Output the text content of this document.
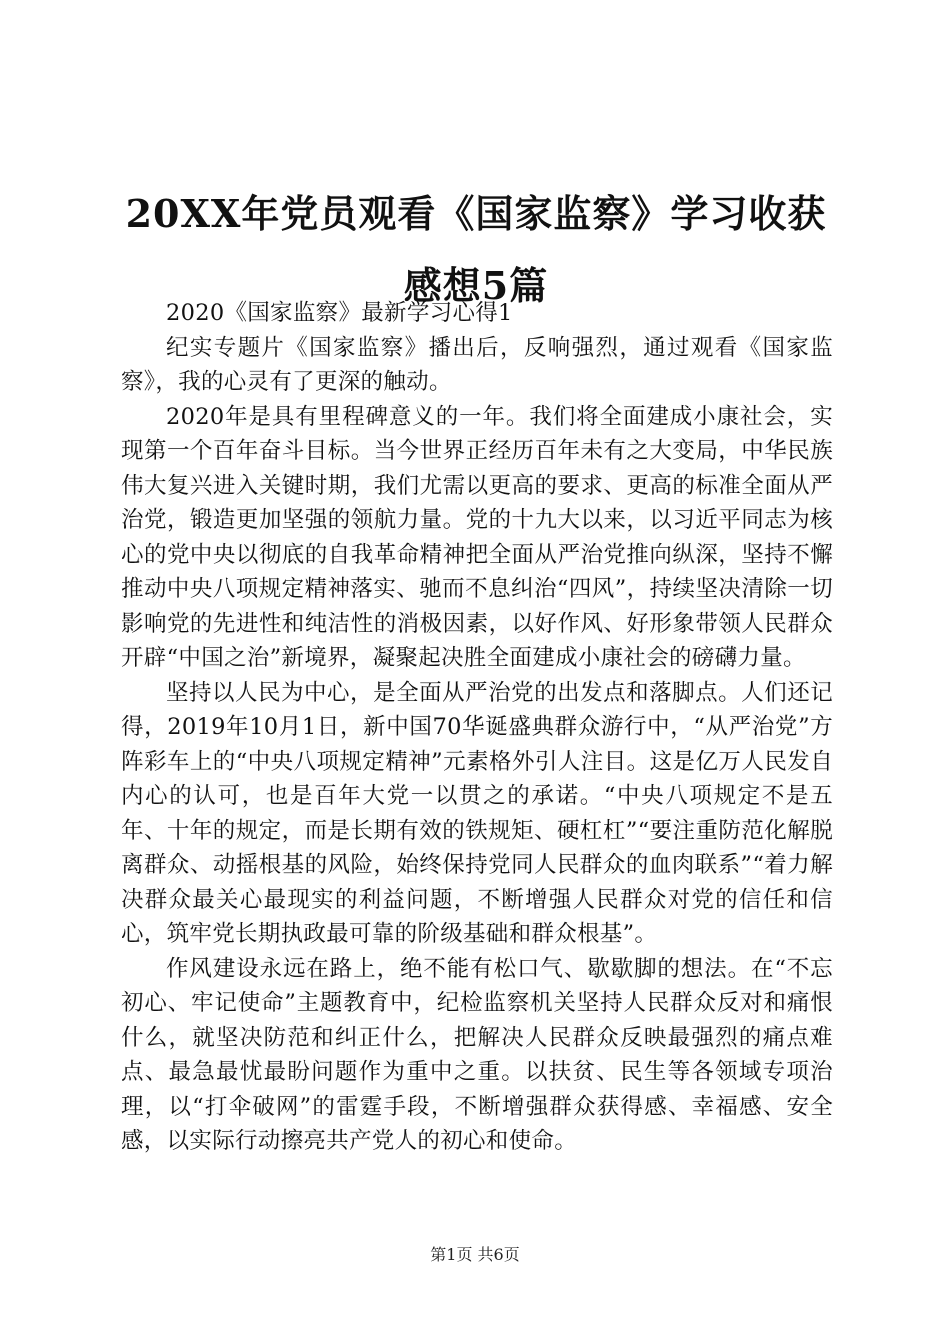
20XX年党员观看《国家监察》学习收获感想5篇

2020《国家监察》最新学习心得1

纪实专题片《国家监察》播出后，反响强烈，通过观看《国家监察》，我的心灵有了更深的触动。

2020年是具有里程碑意义的一年。我们将全面建成小康社会，实现第一个百年奋斗目标。当今世界正经历百年未有之大变局，中华民族伟大复兴进入关键时期，我们尤需以更高的要求、更高的标准全面从严治党，锻造更加坚强的领航力量。党的十九大以来，以习近平同志为核心的党中央以彻底的自我革命精神把全面从严治党推向纵深，坚持不懈推动中央八项规定精神落实、驰而不息纠治“四风”，持续坚决清除一切影响党的先进性和纯洁性的消极因素，以好作风、好形象带领人民群众开辟“中国之治”新境界，凝聚起决胜全面建成小康社会的磅礴力量。

坚持以人民为中心，是全面从严治党的出发点和落脚点。人们还记得，2019年10月1日，新中国70华诞盛典群众游行中，“从严治党”方阵彩车上的“中央八项规定精神”元素格外引人注目。这是亿万人民发自内心的认可，也是百年大党一以贯之的承诺。“中央八项规定不是五年、十年的规定，而是长期有效的铁规矩、硬杠杠”“要注重防范化解脱离群众、动摇根基的风险，始终保持党同人民群众的血肉联系”“着力解决群众最关心最现实的利益问题，不断增强人民群众对党的信任和信心，筑牢党长期执政最可靠的阶级基础和群众根基”。

作风建设永远在路上，绝不能有松口气、歇歇脚的想法。在“不忘初心、牢记使命”主题教育中，纪检监察机关坚持人民群众反对和痛恨什么，就坚决防范和纠正什么，把解决人民群众反映最强烈的痛点难点、最急最忧最盼问题作为重中之重。以扶贫、民生等各领域专项治理，以“打伞破网”的雷霆手段，不断增强群众获得感、幸福感、安全感，以实际行动擦亮共产党人的初心和使命。

第1页 共6页
